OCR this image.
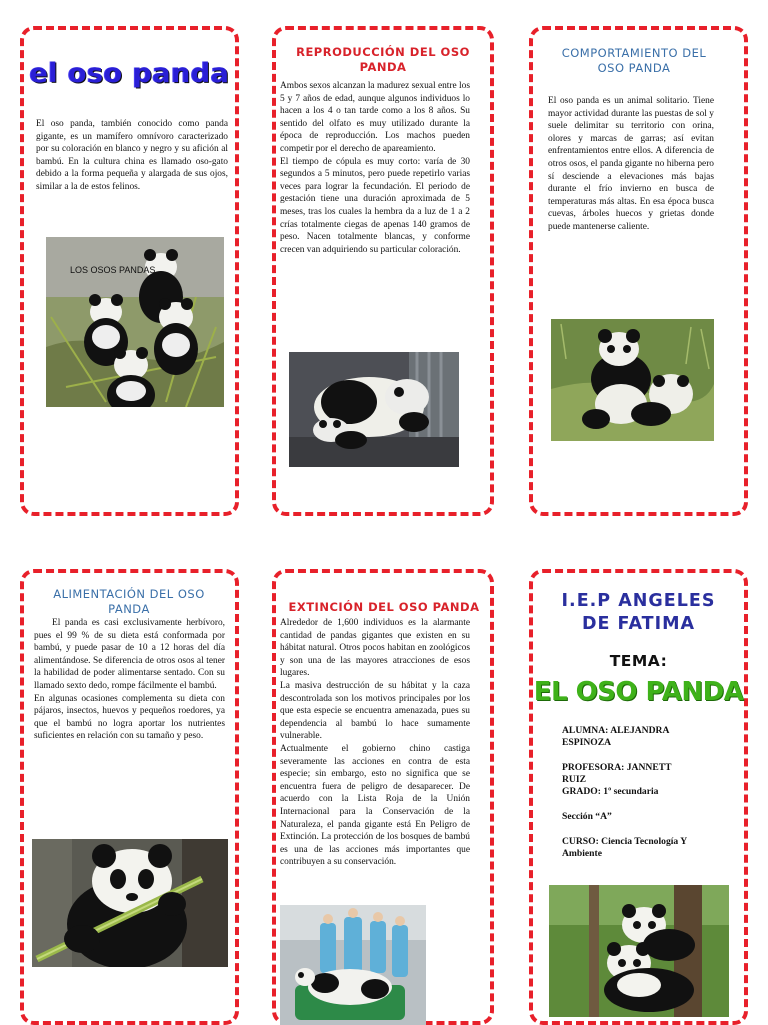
el oso panda

El oso panda, también conocido como panda gigante, es un mamífero omnívoro caracterizado por su coloración en blanco y negro y su afición al bambú. En la cultura china es llamado oso-gato debido a la forma pequeña y alargada de sus ojos, similar a la de estos felinos.

LOS OSOS PANDAS
REPRODUCCIÓN DEL OSO PANDA

Ambos sexos alcanzan la madurez sexual entre los 5 y 7 años de edad, aunque algunos individuos lo hacen a los 4 o tan tarde como a los 8 años. Su sentido del olfato es muy utilizado durante la época de reproducción. Los machos pueden competir por el derecho de apareamiento.

El tiempo de cópula es muy corto: varía de 30 segundos a 5 minutos, pero puede repetirlo varias veces para lograr la fecundación. El periodo de gestación tiene una duración aproximada de 5 meses, tras los cuales la hembra da a luz de 1 a 2 crías totalmente ciegas de apenas 140 gramos de peso. Nacen totalmente blancas, y conforme crecen van adquiriendo su particular coloración.

COMPORTAMIENTO DEL OSO PANDA

El oso panda es un animal solitario. Tiene mayor actividad durante las puestas de sol y suele delimitar su territorio con orina, olores y marcas de garras; así evitan enfrentamientos entre ellos. A diferencia de otros osos, el panda gigante no hiberna pero sí desciende a elevaciones más bajas durante el frío invierno en busca de temperaturas más altas. En esa época busca cuevas, árboles huecos y grietas donde puede mantenerse caliente.

ALIMENTACIÓN DEL OSO PANDA

El panda es casi exclusivamente herbívoro, pues el 99 % de su dieta está conformada por bambú, y puede pasar de 10 a 12 horas del día alimentándose. Se diferencia de otros osos al tener la habilidad de poder alimentarse sentado. Con su llamado sexto dedo, rompe fácilmente el bambú.

En algunas ocasiones complementa su dieta con pájaros, insectos, huevos y pequeños roedores, ya que el bambú no logra aportar los nutrientes suficientes en relación con su tamaño y peso.

EXTINCIÓN DEL OSO PANDA

Alrededor de 1,600 individuos es la alarmante cantidad de pandas gigantes que existen en su hábitat natural. Otros pocos habitan en zoológicos y son una de las mayores atracciones de esos lugares.

La masiva destrucción de su hábitat y la caza descontrolada son los motivos principales por los que esta especie se encuentra amenazada, pues su dependencia al bambú lo hace sumamente vulnerable.

Actualmente el gobierno chino castiga severamente las acciones en contra de esta especie; sin embargo, esto no significa que se encuentra fuera de peligro de desaparecer. De acuerdo con la Lista Roja de la Unión Internacional para la Conservación de la Naturaleza, el panda gigante está En Peligro de Extinción. La protección de los bosques de bambú es una de las acciones más importantes que contribuyen a su conservación.

I.E.P ANGELES
DE FATIMA
TEMA:
EL OSO PANDA
ALUMNA: ALEJANDRA
ESPINOZA
PROFESORA: JANNETT
RUIZ
GRADO: 1º secundaria
Sección “A”
CURSO: Ciencia Tecnología Y
Ambiente
